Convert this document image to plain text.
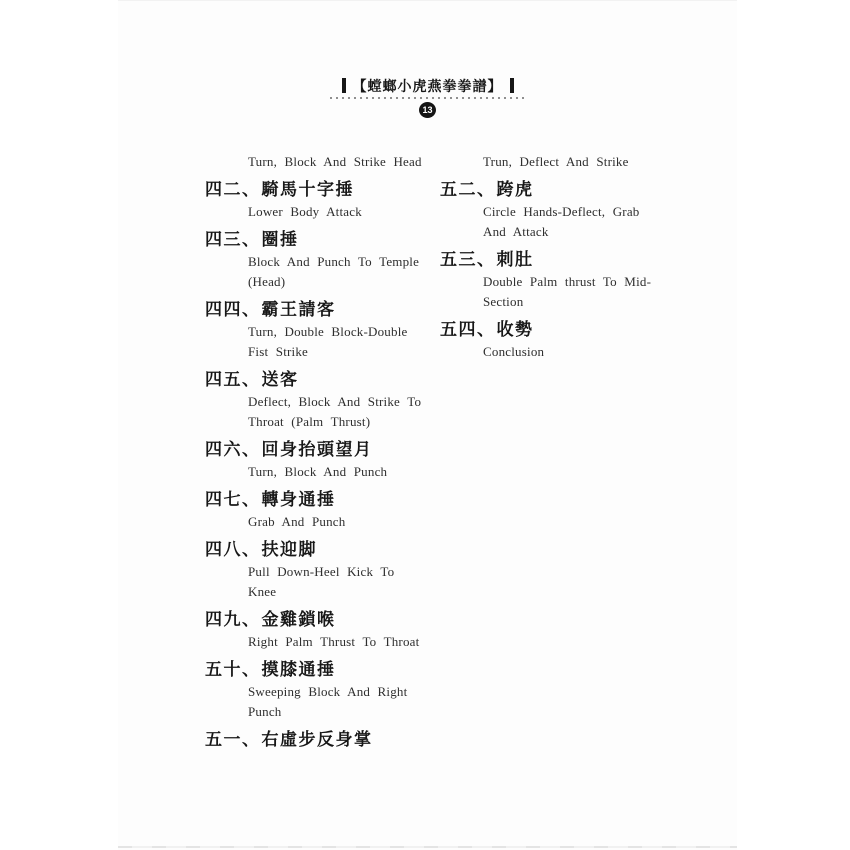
【螳螂小虎燕拳拳譜】
13
Turn, Block And Strike Head
四二、騎馬十字捶
Lower Body Attack
四三、圈捶
Block And Punch To Temple
(Head)
四四、霸王請客
Turn, Double Block-Double
Fist Strike
四五、送客
Deflect, Block And Strike To
Throat (Palm Thrust)
四六、回身抬頭望月
Turn, Block And Punch
四七、轉身通捶
Grab And Punch
四八、扶迎脚
Pull Down-Heel Kick To
Knee
四九、金雞鎖喉
Right Palm Thrust To Throat
五十、摸膝通捶
Sweeping Block And Right
Punch
五一、右虛步反身掌
Trun, Deflect And Strike
五二、跨虎
Circle Hands-Deflect, Grab
And Attack
五三、刺肚
Double Palm thrust To Mid-
Section
五四、收勢
Conclusion
